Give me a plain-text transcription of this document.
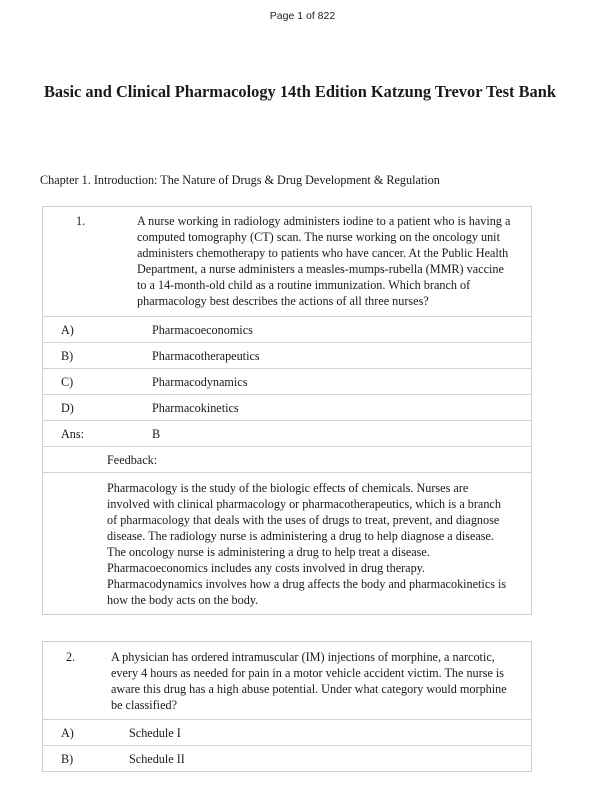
Page 1 of 822
Basic and Clinical Pharmacology 14th Edition Katzung Trevor Test Bank
Chapter 1. Introduction: The Nature of Drugs & Drug Development & Regulation
1.	A nurse working in radiology administers iodine to a patient who is having a computed tomography (CT) scan. The nurse working on the oncology unit administers chemotherapy to patients who have cancer. At the Public Health Department, a nurse administers a measles-mumps-rubella (MMR) vaccine to a 14-month-old child as a routine immunization. Which branch of pharmacology best describes the actions of all three nurses?
A)	Pharmacoeconomics
B)	Pharmacotherapeutics
C)	Pharmacodynamics
D)	Pharmacokinetics
Ans:	B
Feedback:
Pharmacology is the study of the biologic effects of chemicals. Nurses are involved with clinical pharmacology or pharmacotherapeutics, which is a branch of pharmacology that deals with the uses of drugs to treat, prevent, and diagnose disease. The radiology nurse is administering a drug to help diagnose a disease. The oncology nurse is administering a drug to help treat a disease. Pharmacoeconomics includes any costs involved in drug therapy. Pharmacodynamics involves how a drug affects the body and pharmacokinetics is how the body acts on the body.
2.	A physician has ordered intramuscular (IM) injections of morphine, a narcotic, every 4 hours as needed for pain in a motor vehicle accident victim. The nurse is aware this drug has a high abuse potential. Under what category would morphine be classified?
A)	Schedule I
B)	Schedule II
